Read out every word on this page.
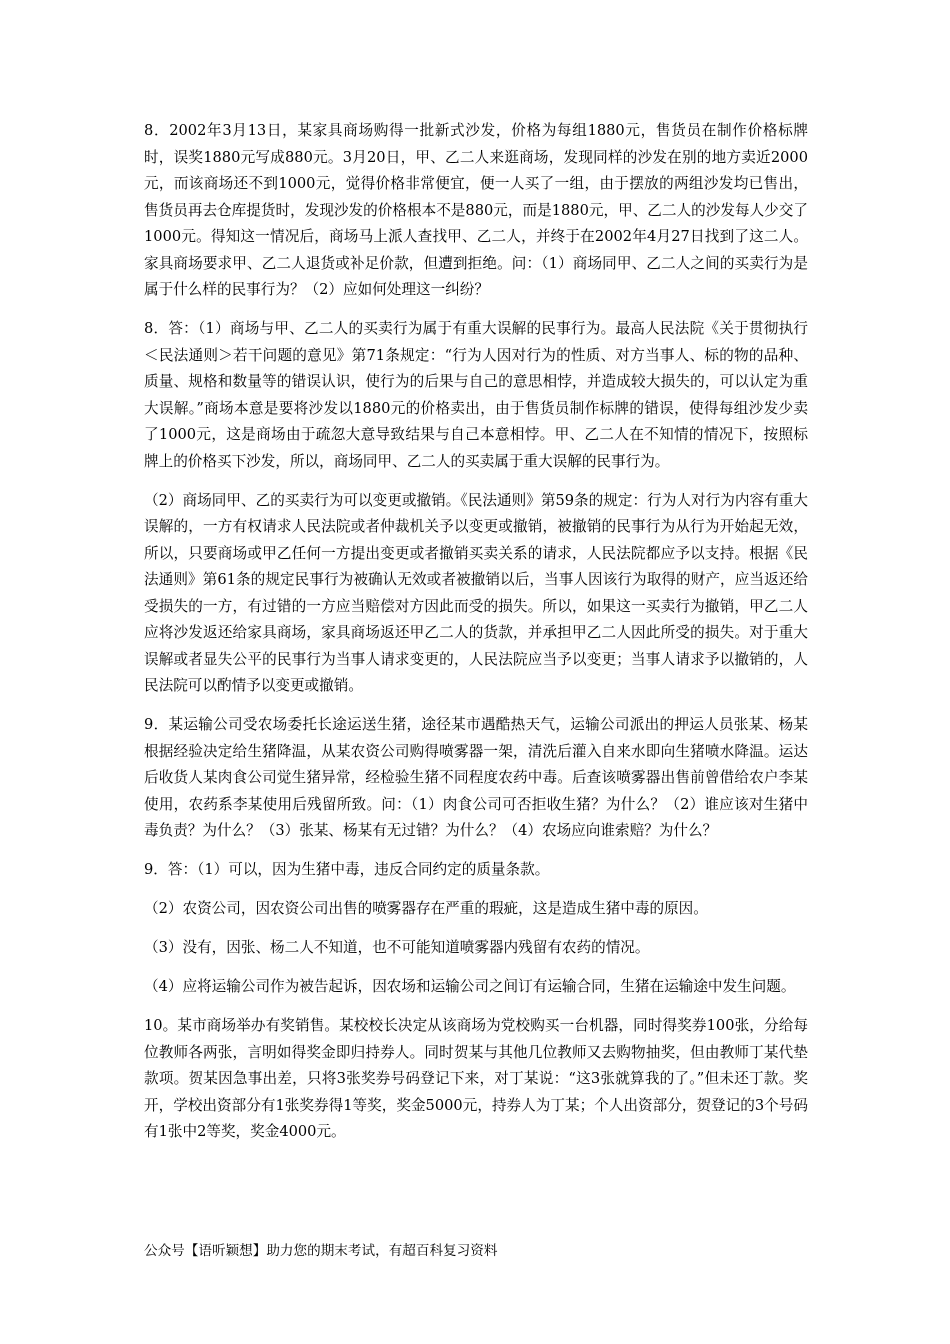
8．2002年3月13日，某家具商场购得一批新式沙发，价格为每组1880元，售货员在制作价格标牌时，误奖1880元写成880元。3月20日，甲、乙二人来逛商场，发现同样的沙发在别的地方卖近2000元，而该商场还不到1000元，觉得价格非常便宜，便一人买了一组，由于摆放的两组沙发均已售出，售货员再去仓库提货时，发现沙发的价格根本不是880元，而是1880元，甲、乙二人的沙发每人少交了1000元。得知这一情况后，商场马上派人查找甲、乙二人，并终于在2002年4月27日找到了这二人。家具商场要求甲、乙二人退货或补足价款，但遭到拒绝。问：（1）商场同甲、乙二人之间的买卖行为是属于什么样的民事行为？（2）应如何处理这一纠纷？

8．答：（1）商场与甲、乙二人的买卖行为属于有重大误解的民事行为。最高人民法院《关于贯彻执行＜民法通则＞若干问题的意见》第71条规定：“行为人因对行为的性质、对方当事人、标的物的品种、质量、规格和数量等的错误认识，使行为的后果与自己的意思相悖，并造成较大损失的，可以认定为重大误解。”商场本意是要将沙发以1880元的价格卖出，由于售货员制作标牌的错误，使得每组沙发少卖了1000元，这是商场由于疏忽大意导致结果与自己本意相悖。甲、乙二人在不知情的情况下，按照标牌上的价格买下沙发，所以，商场同甲、乙二人的买卖属于重大误解的民事行为。

（2）商场同甲、乙的买卖行为可以变更或撤销。《民法通则》第59条的规定：行为人对行为内容有重大误解的，一方有权请求人民法院或者仲裁机关予以变更或撤销，被撤销的民事行为从行为开始起无效，所以，只要商场或甲乙任何一方提出变更或者撤销买卖关系的请求，人民法院都应予以支持。根据《民法通则》第61条的规定民事行为被确认无效或者被撤销以后，当事人因该行为取得的财产，应当返还给受损失的一方，有过错的一方应当赔偿对方因此而受的损失。所以，如果这一买卖行为撤销，甲乙二人应将沙发返还给家具商场，家具商场返还甲乙二人的货款，并承担甲乙二人因此所受的损失。对于重大误解或者显失公平的民事行为当事人请求变更的，人民法院应当予以变更；当事人请求予以撤销的，人民法院可以酌情予以变更或撤销。

9．某运输公司受农场委托长途运送生猪，途径某市遇酷热天气，运输公司派出的押运人员张某、杨某根据经验决定给生猪降温，从某农资公司购得喷雾器一架，清洗后灌入自来水即向生猪喷水降温。运达后收货人某肉食公司觉生猪异常，经检验生猪不同程度农药中毒。后查该喷雾器出售前曾借给农户李某使用，农药系李某使用后残留所致。问：（1）肉食公司可否拒收生猪？为什么？（2）谁应该对生猪中毒负责？为什么？（3）张某、杨某有无过错？为什么？（4）农场应向谁索赔？为什么？

9．答：（1）可以，因为生猪中毒，违反合同约定的质量条款。

（2）农资公司，因农资公司出售的喷雾器存在严重的瑕疵，这是造成生猪中毒的原因。

（3）没有，因张、杨二人不知道，也不可能知道喷雾器内残留有农药的情况。

（4）应将运输公司作为被告起诉，因农场和运输公司之间订有运输合同，生猪在运输途中发生问题。

10。某市商场举办有奖销售。某校校长决定从该商场为党校购买一台机器，同时得奖券100张，分给每位教师各两张，言明如得奖金即归持券人。同时贺某与其他几位教师又去购物抽奖，但由教师丁某代垫款项。贺某因急事出差，只将3张奖券号码登记下来，对丁某说：“这3张就算我的了。”但未还丁款。奖开，学校出资部分有1张奖券得1等奖，奖金5000元，持券人为丁某；个人出资部分，贺登记的3个号码有1张中2等奖，奖金4000元。

公众号【语听颖想】助力您的期末考试，有超百科复习资料
